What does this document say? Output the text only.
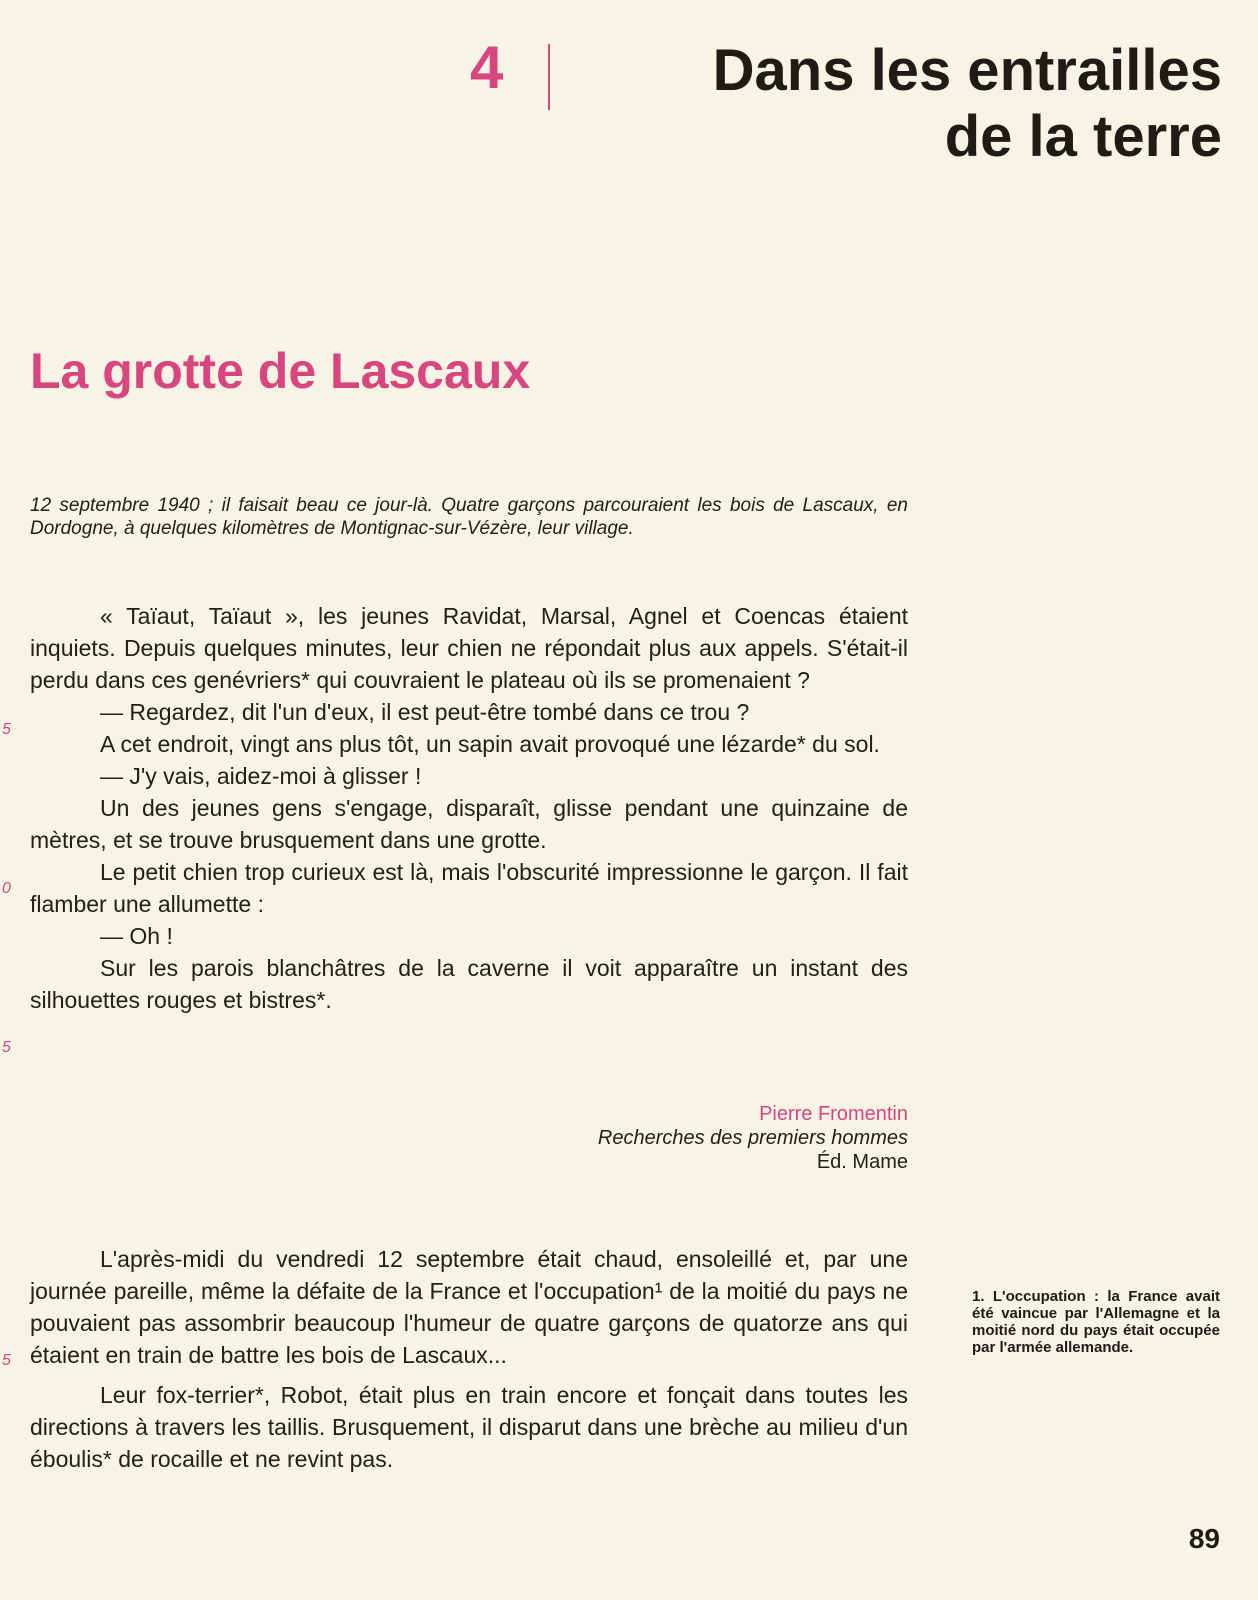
4	Dans les entrailles
de la terre
La grotte de Lascaux
12 septembre 1940 ; il faisait beau ce jour-là. Quatre garçons parcouraient les bois de Lascaux, en Dordogne, à quelques kilomètres de Montignac-sur-Vézère, leur village.

« Taïaut, Taïaut », les jeunes Ravidat, Marsal, Agnel et Coencas étaient inquiets. Depuis quelques minutes, leur chien ne répondait plus aux appels. S'était-il perdu dans ces genévriers* qui couvraient le plateau où ils se promenaient ?

— Regardez, dit l'un d'eux, il est peut-être tombé dans ce trou ?

A cet endroit, vingt ans plus tôt, un sapin avait provoqué une lézarde* du sol.

— J'y vais, aidez-moi à glisser !

Un des jeunes gens s'engage, disparaît, glisse pendant une quinzaine de mètres, et se trouve brusquement dans une grotte.

Le petit chien trop curieux est là, mais l'obscurité impressionne le garçon. Il fait flamber une allumette :

— Oh !

Sur les parois blanchâtres de la caverne il voit apparaître un instant des silhouettes rouges et bistres*.

5
0
5
Pierre Fromentin
Recherches des premiers hommes
Éd. Mame

L'après-midi du vendredi 12 septembre était chaud, ensoleillé et, par une journée pareille, même la défaite de la France et l'occupation¹ de la moitié du pays ne pouvaient pas assombrir beaucoup l'humeur de quatre garçons de quatorze ans qui étaient en train de battre les bois de Lascaux...

Leur fox-terrier*, Robot, était plus en train encore et fonçait dans toutes les directions à travers les taillis. Brusquement, il disparut dans une brèche au milieu d'un éboulis* de rocaille et ne revint pas.

5
1. L'occupation : la France avait été vaincue par l'Allemagne et la moitié nord du pays était occupée par l'armée allemande.
89
